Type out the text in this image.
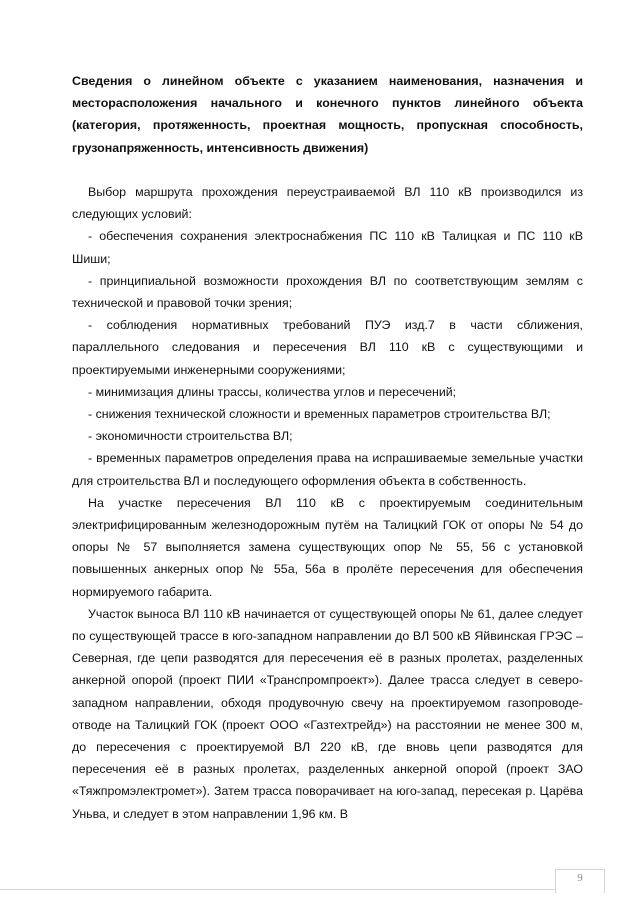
Сведения о линейном объекте с указанием наименования, назначения и месторасположения начального и конечного пунктов линейного объекта (категория, протяженность, проектная мощность, пропускная способность, грузонапряженность, интенсивность движения)

Выбор маршрута прохождения переустраиваемой ВЛ 110 кВ производился из следующих условий:

- обеспечения сохранения электроснабжения ПС 110 кВ Талицкая и ПС 110 кВ Шиши;

- принципиальной возможности прохождения ВЛ по соответствующим землям с технической и правовой точки зрения;

- соблюдения нормативных требований ПУЭ изд.7 в части сближения, параллельного следования и пересечения ВЛ 110 кВ с существующими и проектируемыми инженерными сооружениями;

- минимизация длины трассы, количества углов и пересечений;

- снижения технической сложности и временных параметров строительства ВЛ;

- экономичности строительства ВЛ;

- временных параметров определения права на испрашиваемые земельные участки для строительства ВЛ и последующего оформления объекта в собственность.

На участке пересечения ВЛ 110 кВ с проектируемым соединительным электрифицированным железнодорожным путём на Талицкий ГОК от опоры № 54 до опоры № 57 выполняется замена существующих опор № 55, 56 с установкой повышенных анкерных опор № 55а, 56а в пролёте пересечения для обеспечения нормируемого габарита.

Участок выноса ВЛ 110 кВ начинается от существующей опоры № 61, далее следует по существующей трассе в юго-западном направлении до ВЛ 500 кВ Яйвинская ГРЭС – Северная, где цепи разводятся для пересечения её в разных пролетах, разделенных анкерной опорой (проект ПИИ «Транспромпроект»). Далее трасса следует в северо-западном направлении, обходя продувочную свечу на проектируемом газопроводе-отводе на Талицкий ГОК (проект ООО «Газтехтрейд») на расстоянии не менее 300 м, до пересечения с проектируемой ВЛ 220 кВ, где вновь цепи разводятся для пересечения её в разных пролетах, разделенных анкерной опорой (проект ЗАО «Тяжпромэлектромет»). Затем трасса поворачивает на юго-запад, пересекая р. Царёва Уньва, и следует в этом направлении 1,96 км. В

9
